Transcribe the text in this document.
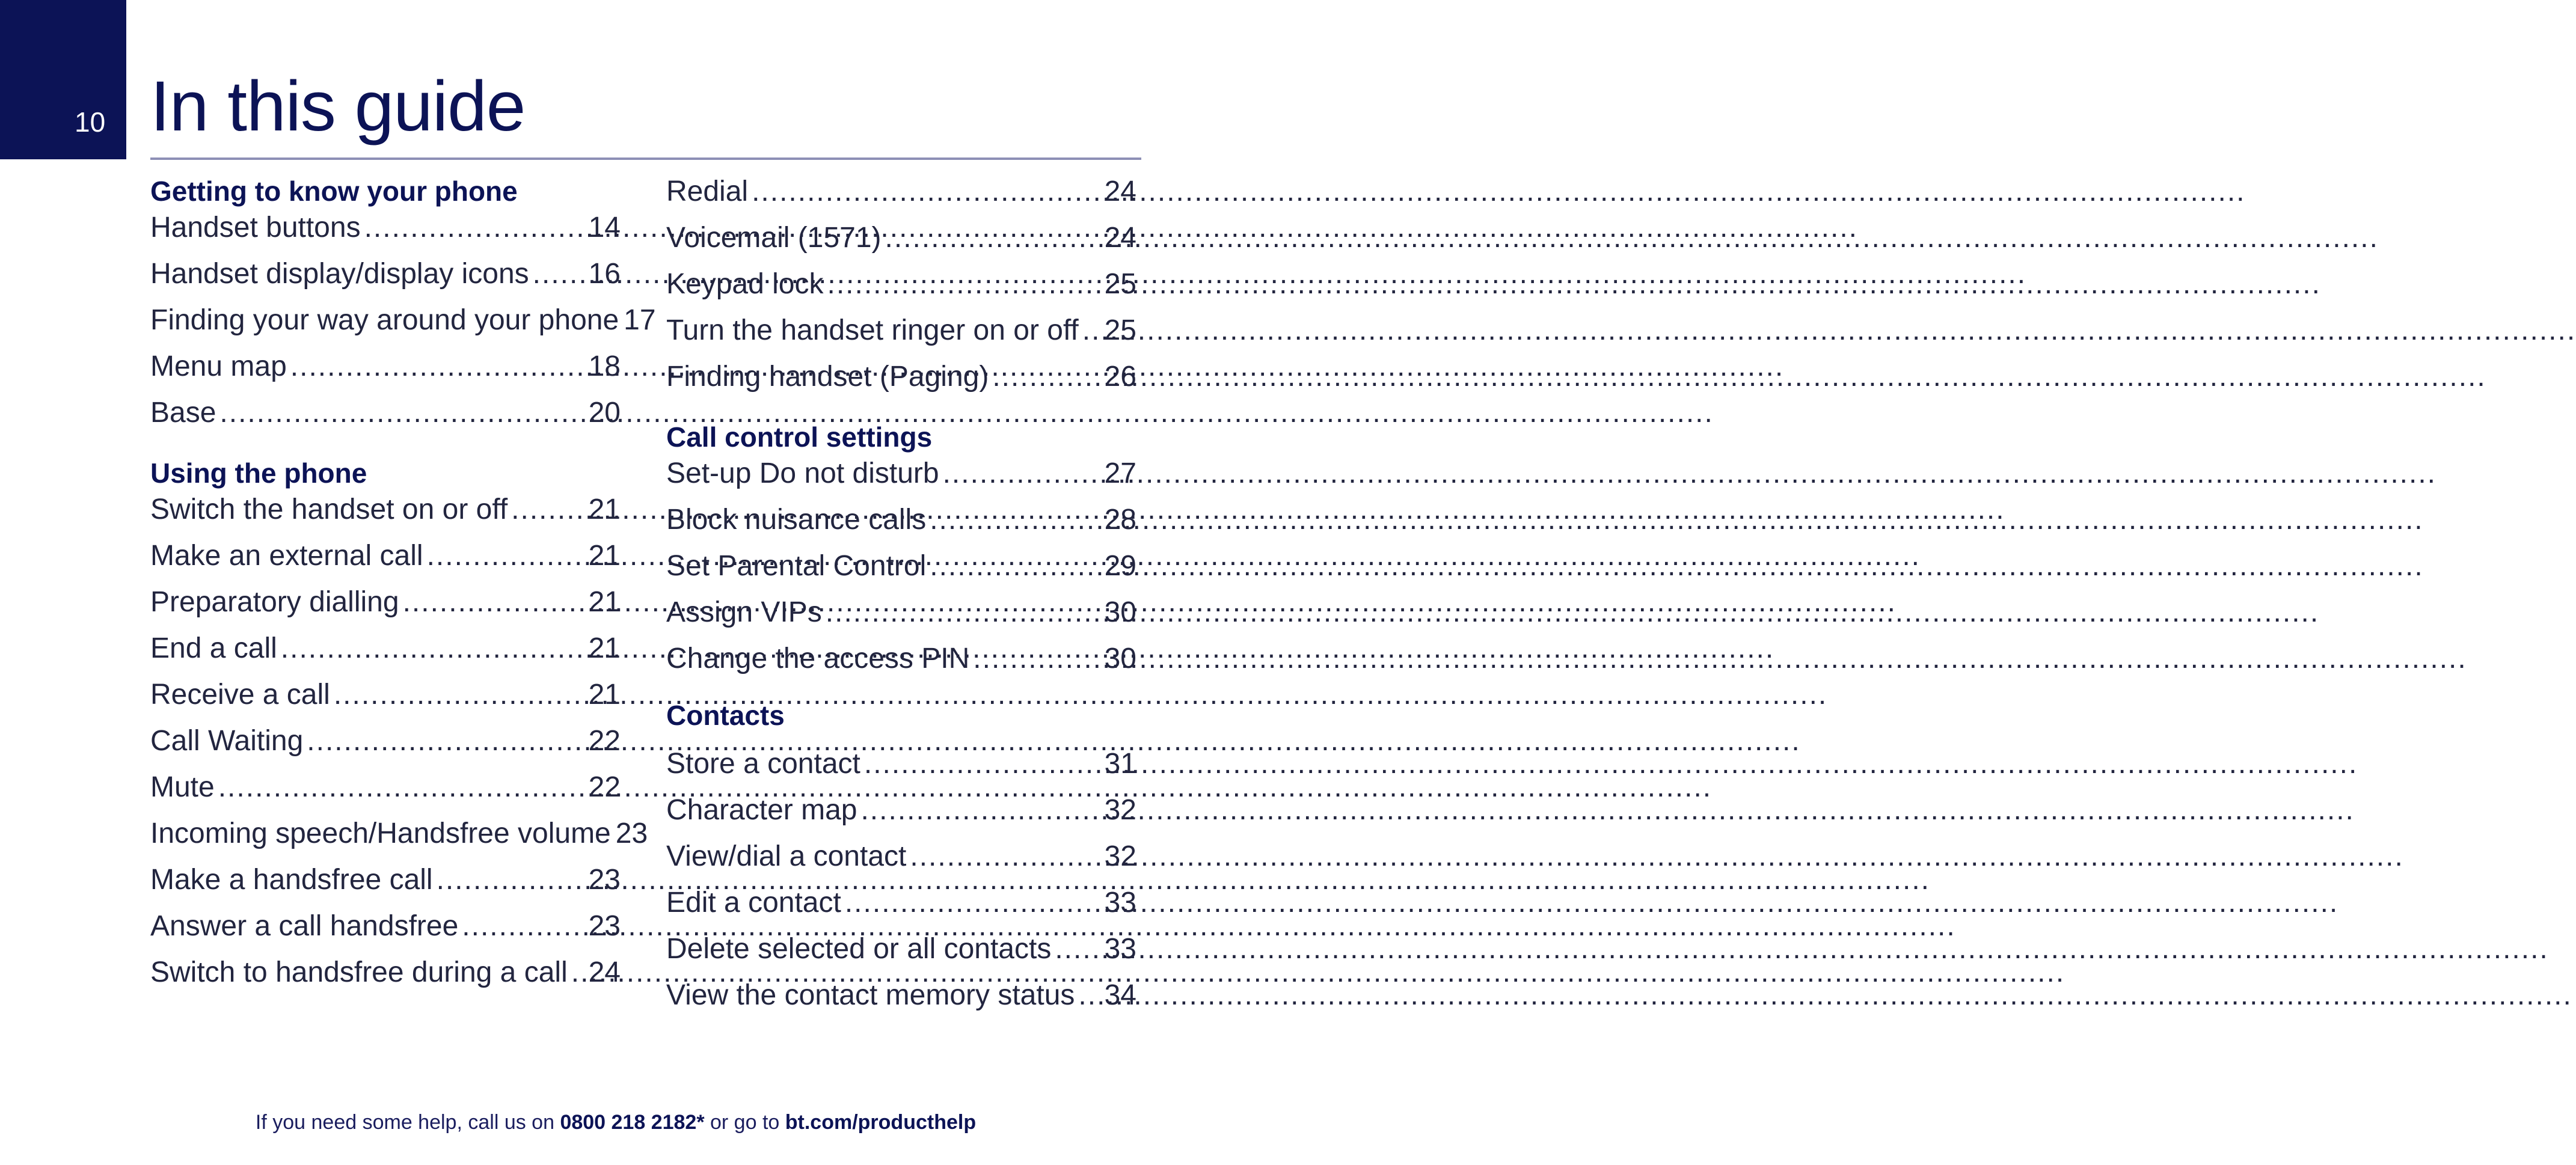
10 In this guide
Getting to know your phone
Handset buttons .....	14
Handset display/display icons ..... 16
Finding your way around your phone 17
Menu map .....	18
Base .....	20
Using the phone
Switch the handset on or off .....	21
Make an external call .....	21
Preparatory dialling .....	21
End a call .....	21
Receive a call .....	21
Call Waiting .....	22
Mute .....	22
Incoming speech/Handsfree volume 23
Make a handsfree call .....	23
Answer a call handsfree .....	23
Switch to handsfree during a call ..... 24
Redial .....	24
Voicemail (1571) .....	24
Keypad lock .....	25
Turn the handset ringer on or off ..... 25
Finding handset (Paging) .....	26
Call control settings
Set-up Do not disturb .....	27
Block nuisance calls .....	28
Set Parental Control .....	29
Assign VIPs .....	30
Change the access PIN .....	30
Contacts
Store a contact .....	31
Character map .....	32
View/dial a contact .....	32
Edit a contact .....	33
Delete selected or all contacts ..... 33
View the contact memory status ..... 34
If you need some help, call us on 0800 218 2182* or go to bt.com/producthelp
